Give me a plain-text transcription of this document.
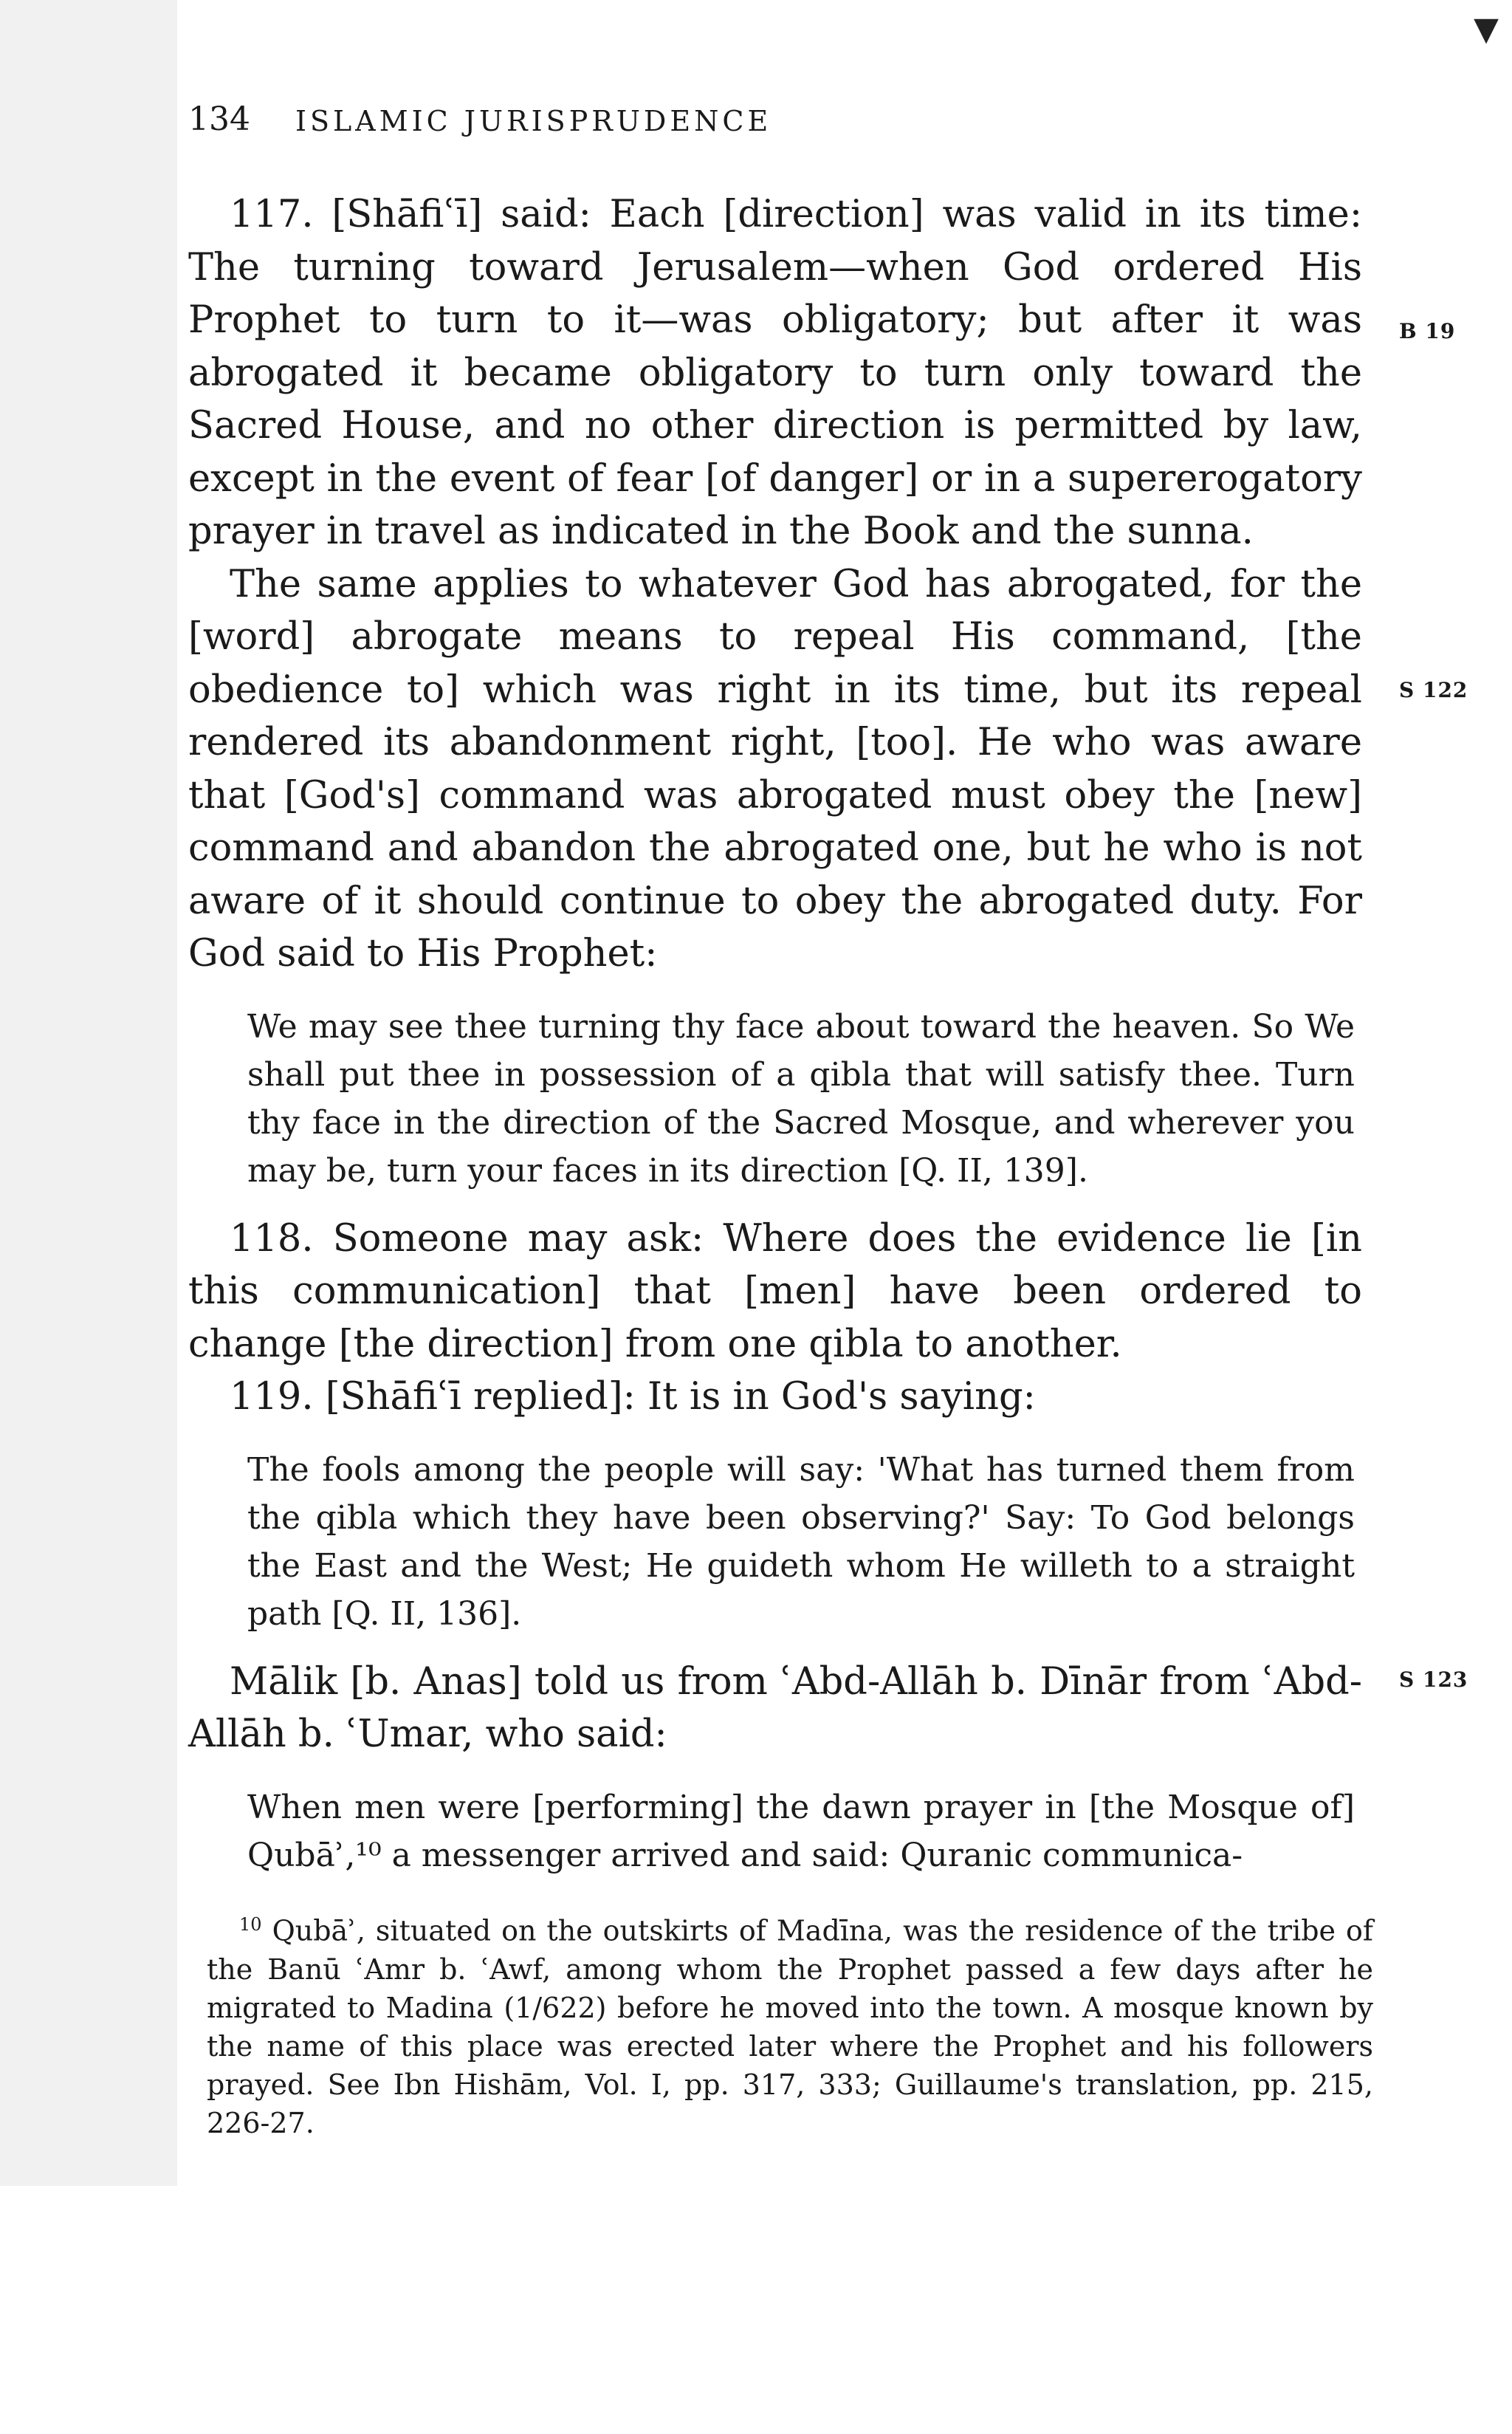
▼
134 ISLAMIC JURISPRUDENCE
B 19
S 122
S 123

117. [Shāfiʿī] said: Each [direction] was valid in its time: The turning toward Jerusalem—when God ordered His Prophet to turn to it—was obligatory; but after it was abrogated it became obligatory to turn only toward the Sacred House, and no other direction is permitted by law, except in the event of fear [of danger] or in a supererogatory prayer in travel as indicated in the Book and the sunna.

The same applies to whatever God has abrogated, for the [word] abrogate means to repeal His command, [the obedience to] which was right in its time, but its repeal rendered its abandonment right, [too]. He who was aware that [God's] command was abrogated must obey the [new] command and abandon the abrogated one, but he who is not aware of it should continue to obey the abrogated duty. For God said to His Prophet:

We may see thee turning thy face about toward the heaven. So We shall put thee in possession of a qibla that will satisfy thee. Turn thy face in the direction of the Sacred Mosque, and wherever you may be, turn your faces in its direction [Q. II, 139].

118. Someone may ask: Where does the evidence lie [in this communication] that [men] have been ordered to change [the direction] from one qibla to another.

119. [Shāfiʿī replied]: It is in God's saying:

The fools among the people will say: 'What has turned them from the qibla which they have been observing?' Say: To God belongs the East and the West; He guideth whom He willeth to a straight path [Q. II, 136].

Mālik [b. Anas] told us from ʿAbd-Allāh b. Dīnār from ʿAbd-Allāh b. ʿUmar, who said:

When men were [performing] the dawn prayer in [the Mosque of] Qubāʾ,¹⁰ a messenger arrived and said: Quranic communica-

$^{10}$ Qubāʾ, situated on the outskirts of Madīna, was the residence of the tribe of the Banū ʿAmr b. ʿAwf, among whom the Prophet passed a few days after he migrated to Madina (1/622) before he moved into the town. A mosque known by the name of this place was erected later where the Prophet and his followers prayed. See Ibn Hishām, Vol. I, pp. 317, 333; Guillaume's translation, pp. 215, 226-27.
